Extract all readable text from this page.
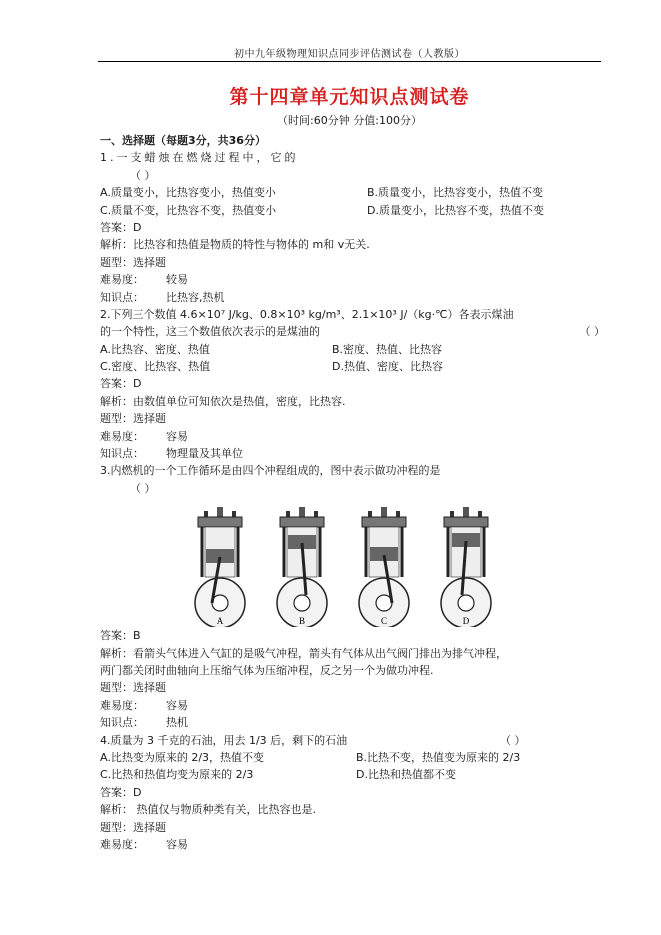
初中九年级物理知识点同步评估测试卷（人教版）
第十四章单元知识点测试卷
（时间:60分钟 分值:100分）
一、选择题（每题3分，共36分）
1.一支蜡烛在燃烧过程中，它的
（ ）
A.质量变小，比热容变小，热值变小	B.质量变小，比热容变小，热值不变
C.质量不变，比热容不变，热值变小	D.质量变小，比热容不变，热值不变
答案：D
解析：比热容和热值是物质的特性与物体的 m和 v无关.
题型：选择题
难易度： 较易
知识点： 比热容,热机
2.下列三个数值 4.6×10⁷ J/kg、0.8×10³ kg/m³、2.1×10³ J/（kg·℃）各表示煤油
的一个特性，这三个数值依次表示的是煤油的	（ ）
A.比热容、密度、热值	B.密度、热值、比热容
C.密度、比热容、热值	D.热值、密度、比热容
答案：D
解析：由数值单位可知依次是热值，密度，比热容.
题型：选择题
难易度： 容易
知识点： 物理量及其单位
3.内燃机的一个工作循环是由四个冲程组成的，图中表示做功冲程的是
（ ）
A	B	C	D
答案：B
解析：看箭头气体进入气缸的是吸气冲程，箭头有气体从出气阀门排出为排气冲程，
两门都关闭时曲轴向上压缩气体为压缩冲程，反之另一个为做功冲程.
题型：选择题
难易度： 容易
知识点： 热机
4.质量为 3 千克的石油，用去 1/3 后，剩下的石油	（ ）
A.比热变为原来的 2/3，热值不变	B.比热不变，热值变为原来的 2/3
C.比热和热值均变为原来的 2/3	D.比热和热值都不变
答案：D
解析： 热值仅与物质种类有关，比热容也是.
题型：选择题
难易度： 容易
